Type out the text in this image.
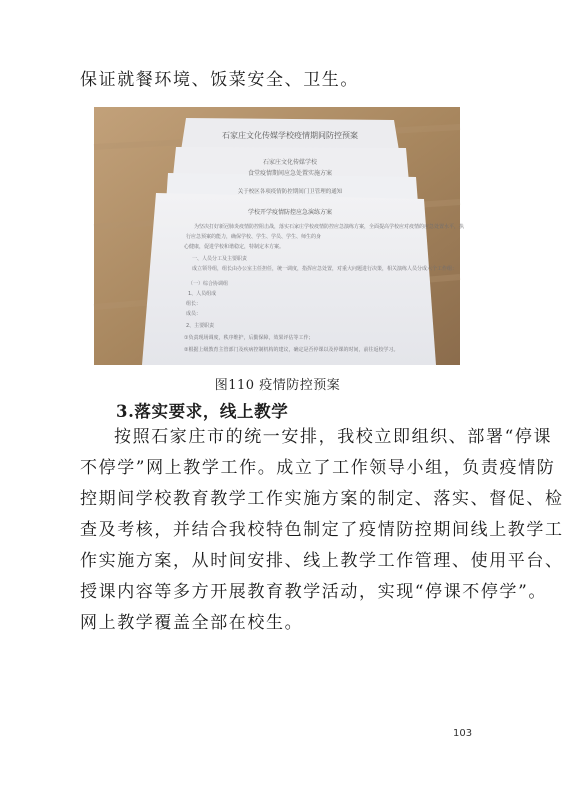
保证就餐环境、饭菜安全、卫生。
石家庄文化传媒学校疫情期间防控预案
石家庄文化传媒学校
食堂疫情期间应急处置实施方案
关于校区各项疫情防控期间门卫管理的通知
学校开学疫情防控应急演练方案
为坚决打好新冠肺炎疫情防控阻击战，落实石家庄学校疫情防控应急演练方案，全面提高学校应对疫情的应急处置水平，执
行应急预案的能力，确保学校、学生、学员、学生、师生的身
心健康，促进学校和谐稳定，特制定本方案。
一、人员分工及主要职责
成立领导组，组长由办公室主任担任，统一调度，指挥应急处置，对重大问题进行决策，相关演练人员分成六个工作组：
（一）综合协调组
1、人员组成
组长：
成员：
2、主要职责
①负责现场调度，秩序维护，后勤保障，效果评估等工作；
②根据上级教育主管部门及疾病控制机构的建议，确定是否停课以及停课的时间，前往返校学习。
图110 疫情防控预案
3.落实要求，线上教学
按照石家庄市的统一安排，我校立即组织、部署“停课
不停学”网上教学工作。成立了工作领导小组，负责疫情防
控期间学校教育教学工作实施方案的制定、落实、督促、检
查及考核，并结合我校特色制定了疫情防控期间线上教学工
作实施方案，从时间安排、线上教学工作管理、使用平台、
授课内容等多方开展教育教学活动，实现“停课不停学”。
网上教学覆盖全部在校生。
103
